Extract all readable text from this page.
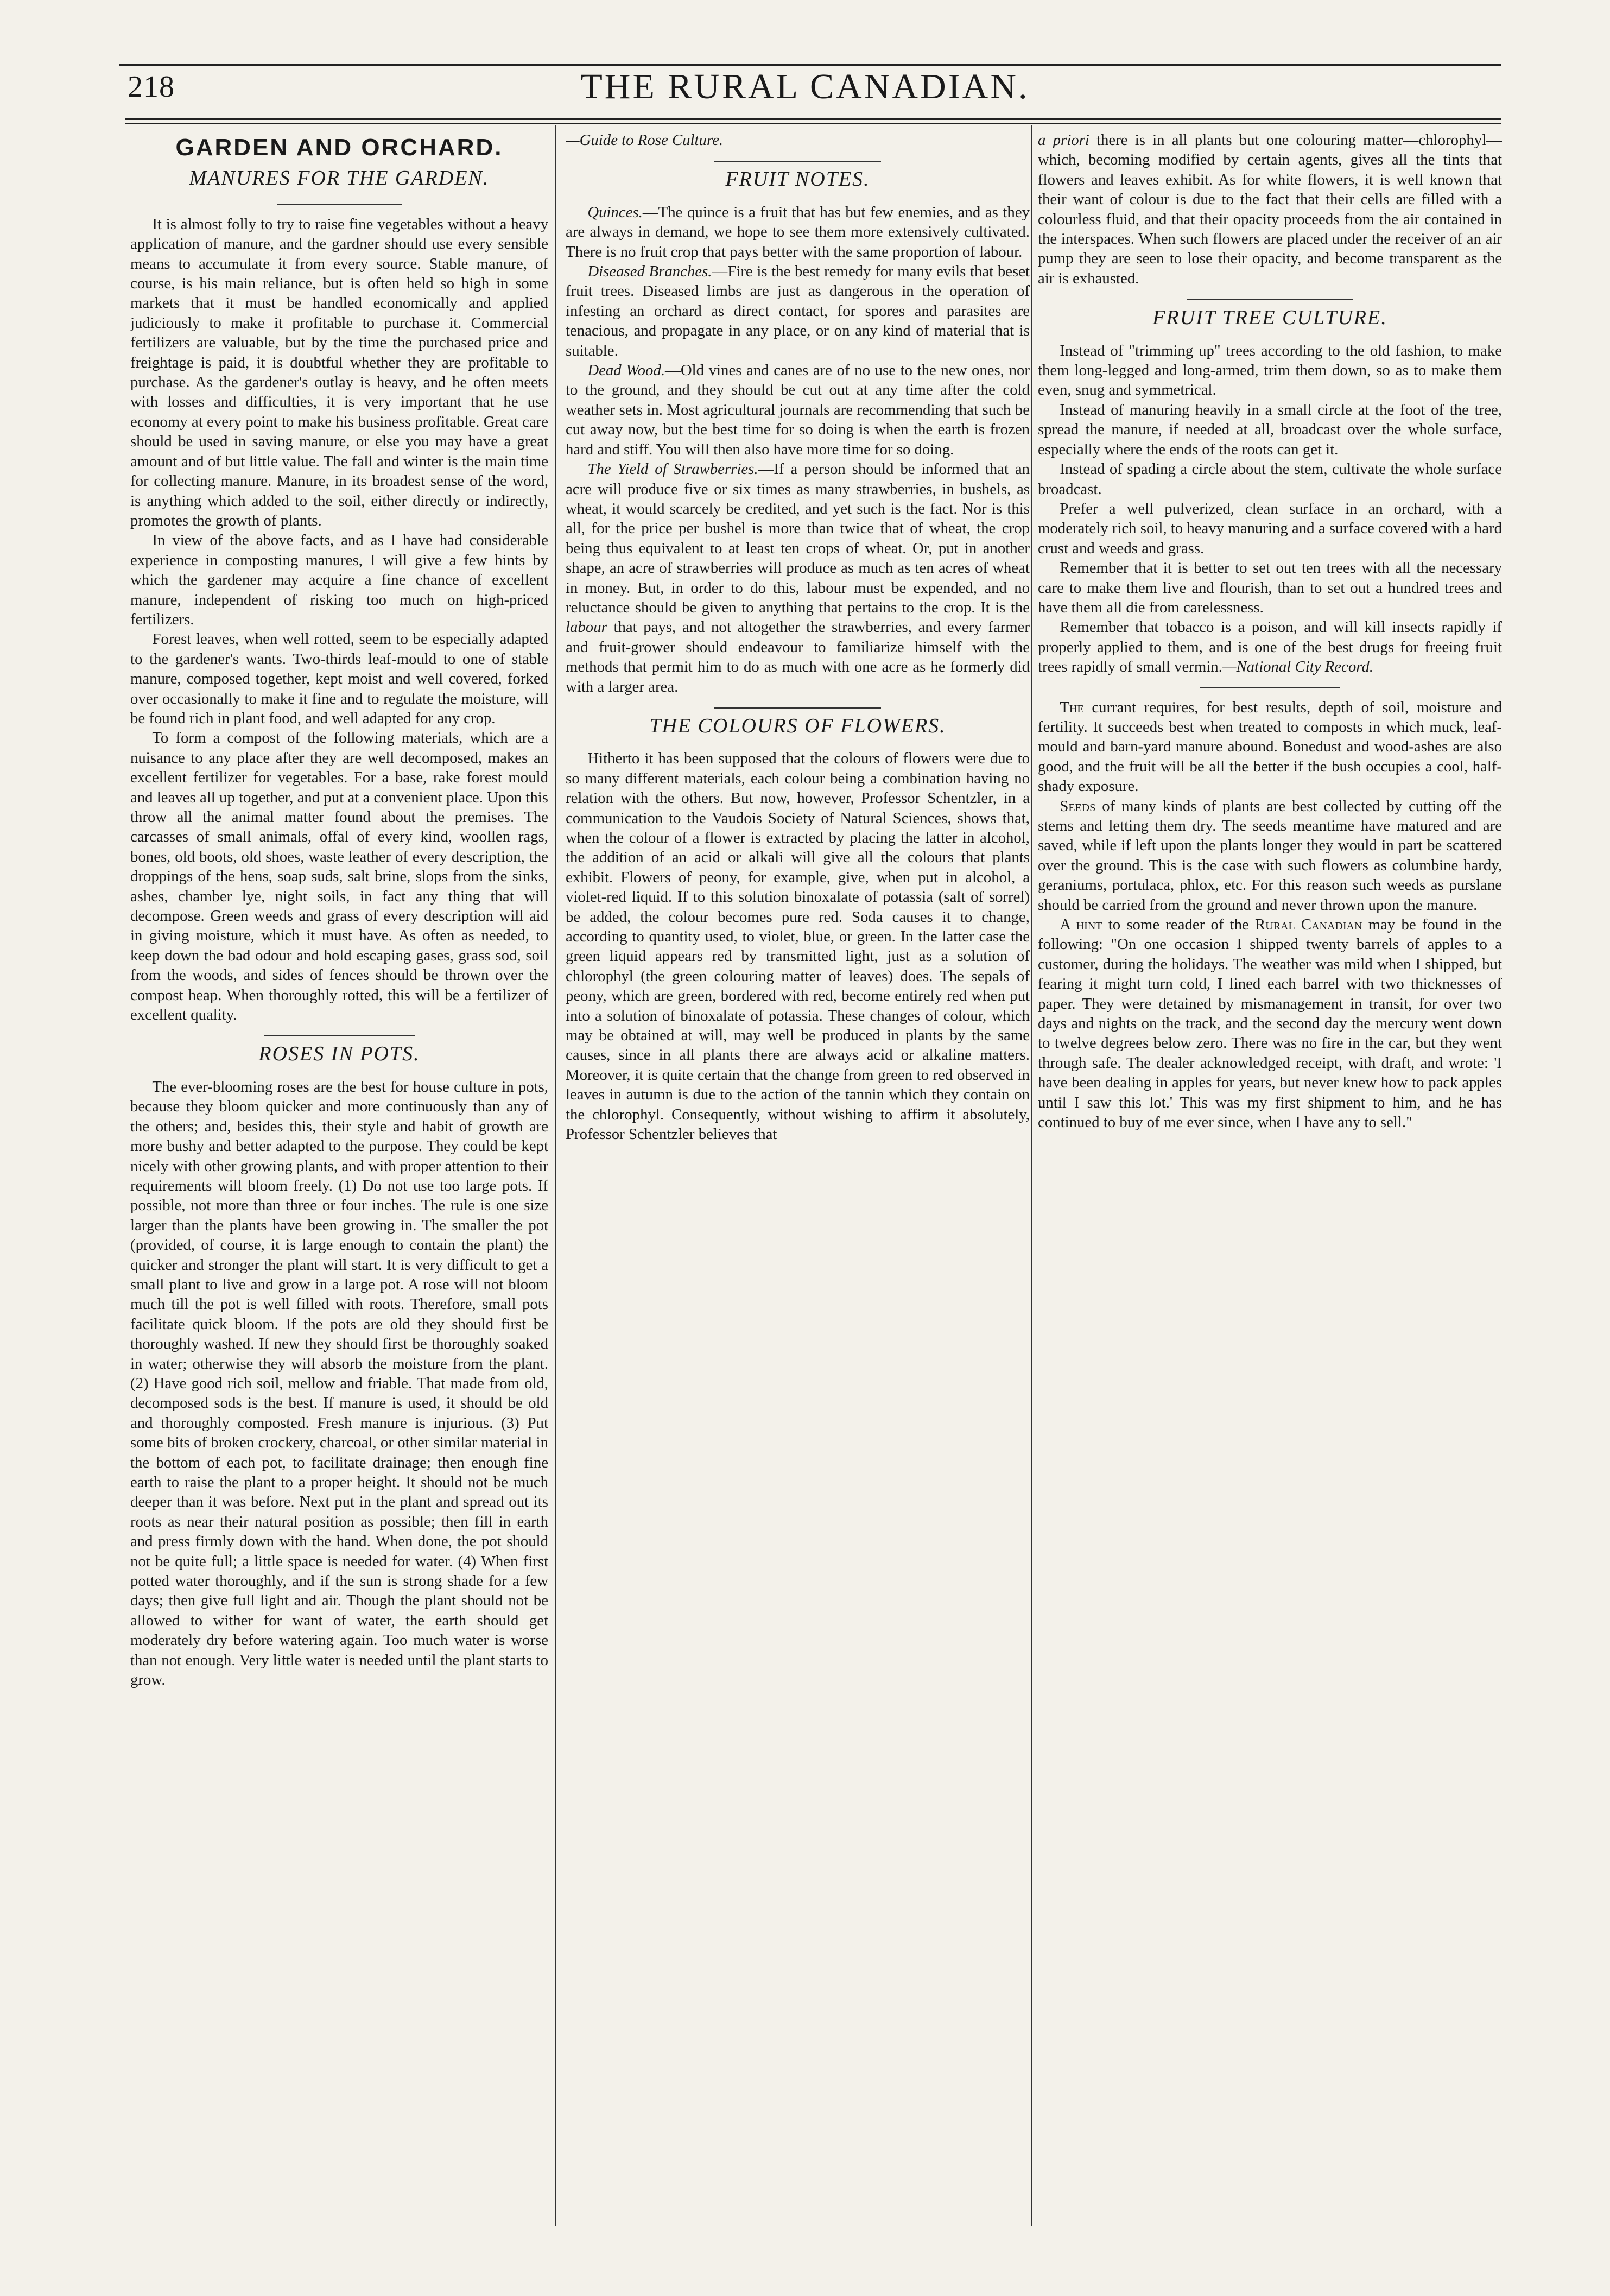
218	THE RURAL CANADIAN.
GARDEN AND ORCHARD.
MANURES FOR THE GARDEN.

It is almost folly to try to raise fine vegetables without a heavy application of manure, and the gardner should use every sensible means to accumulate it from every source. Stable manure, of course, is his main reliance, but is often held so high in some markets that it must be handled economically and applied judiciously to make it profitable to purchase it. Commercial fertilizers are valuable, but by the time the purchased price and freightage is paid, it is doubtful whether they are profitable to purchase. As the gardener's outlay is heavy, and he often meets with losses and difficulties, it is very important that he use economy at every point to make his business profitable. Great care should be used in saving manure, or else you may have a great amount and of but little value. The fall and winter is the main time for collecting manure. Manure, in its broadest sense of the word, is anything which added to the soil, either directly or indirectly, promotes the growth of plants.

In view of the above facts, and as I have had considerable experience in composting manures, I will give a few hints by which the gardener may acquire a fine chance of excellent manure, independent of risking too much on high-priced fertilizers.

Forest leaves, when well rotted, seem to be especially adapted to the gardener's wants. Two-thirds leaf-mould to one of stable manure, composed together, kept moist and well covered, forked over occasionally to make it fine and to regulate the moisture, will be found rich in plant food, and well adapted for any crop.

To form a compost of the following materials, which are a nuisance to any place after they are well decomposed, makes an excellent fertilizer for vegetables. For a base, rake forest mould and leaves all up together, and put at a convenient place. Upon this throw all the animal matter found about the premises. The carcasses of small animals, offal of every kind, woollen rags, bones, old boots, old shoes, waste leather of every description, the droppings of the hens, soap suds, salt brine, slops from the sinks, ashes, chamber lye, night soils, in fact any thing that will decompose. Green weeds and grass of every description will aid in giving moisture, which it must have. As often as needed, to keep down the bad odour and hold escaping gases, grass sod, soil from the woods, and sides of fences should be thrown over the compost heap. When thoroughly rotted, this will be a fertilizer of excellent quality.

ROSES IN POTS.

The ever-blooming roses are the best for house culture in pots, because they bloom quicker and more continuously than any of the others; and, besides this, their style and habit of growth are more bushy and better adapted to the purpose. They could be kept nicely with other growing plants, and with proper attention to their requirements will bloom freely. (1) Do not use too large pots. If possible, not more than three or four inches. The rule is one size larger than the plants have been growing in. The smaller the pot (provided, of course, it is large enough to contain the plant) the quicker and stronger the plant will start. It is very difficult to get a small plant to live and grow in a large pot. A rose will not bloom much till the pot is well filled with roots. Therefore, small pots facilitate quick bloom. If the pots are old they should first be thoroughly washed. If new they should first be thoroughly soaked in water; otherwise they will absorb the moisture from the plant. (2) Have good rich soil, mellow and friable. That made from old, decomposed sods is the best. If manure is used, it should be old and thoroughly composted. Fresh manure is injurious. (3) Put some bits of broken crockery, charcoal, or other similar material in the bottom of each pot, to facilitate drainage; then enough fine earth to raise the plant to a proper height. It should not be much deeper than it was before. Next put in the plant and spread out its roots as near their natural position as possible; then fill in earth and press firmly down with the hand. When done, the pot should not be quite full; a little space is needed for water. (4) When first potted water thoroughly, and if the sun is strong shade for a few days; then give full light and air. Though the plant should not be allowed to wither for want of water, the earth should get moderately dry before watering again. Too much water is worse than not enough. Very little water is needed until the plant starts to grow.

—Guide to Rose Culture.

FRUIT NOTES.

Quinces.—The quince is a fruit that has but few enemies, and as they are always in demand, we hope to see them more extensively cultivated. There is no fruit crop that pays better with the same proportion of labour.

Diseased Branches.—Fire is the best remedy for many evils that beset fruit trees. Diseased limbs are just as dangerous in the operation of infesting an orchard as direct contact, for spores and parasites are tenacious, and propagate in any place, or on any kind of material that is suitable.

Dead Wood.—Old vines and canes are of no use to the new ones, nor to the ground, and they should be cut out at any time after the cold weather sets in. Most agricultural journals are recommending that such be cut away now, but the best time for so doing is when the earth is frozen hard and stiff. You will then also have more time for so doing.

The Yield of Strawberries.—If a person should be informed that an acre will produce five or six times as many strawberries, in bushels, as wheat, it would scarcely be credited, and yet such is the fact. Nor is this all, for the price per bushel is more than twice that of wheat, the crop being thus equivalent to at least ten crops of wheat. Or, put in another shape, an acre of strawberries will produce as much as ten acres of wheat in money. But, in order to do this, labour must be expended, and no reluctance should be given to anything that pertains to the crop. It is the labour that pays, and not altogether the strawberries, and every farmer and fruit-grower should endeavour to familiarize himself with the methods that permit him to do as much with one acre as he formerly did with a larger area.

THE COLOURS OF FLOWERS.

Hitherto it has been supposed that the colours of flowers were due to so many different materials, each colour being a combination having no relation with the others. But now, however, Professor Schentzler, in a communication to the Vaudois Society of Natural Sciences, shows that, when the colour of a flower is extracted by placing the latter in alcohol, the addition of an acid or alkali will give all the colours that plants exhibit. Flowers of peony, for example, give, when put in alcohol, a violet-red liquid. If to this solution binoxalate of potassia (salt of sorrel) be added, the colour becomes pure red. Soda causes it to change, according to quantity used, to violet, blue, or green. In the latter case the green liquid appears red by transmitted light, just as a solution of chlorophyl (the green colouring matter of leaves) does. The sepals of peony, which are green, bordered with red, become entirely red when put into a solution of binoxalate of potassia. These changes of colour, which may be obtained at will, may well be produced in plants by the same causes, since in all plants there are always acid or alkaline matters. Moreover, it is quite certain that the change from green to red observed in leaves in autumn is due to the action of the tannin which they contain on the chlorophyl. Consequently, without wishing to affirm it absolutely, Professor Schentzler believes that

a priori there is in all plants but one colouring matter—chlorophyl—which, becoming modified by certain agents, gives all the tints that flowers and leaves exhibit. As for white flowers, it is well known that their want of colour is due to the fact that their cells are filled with a colourless fluid, and that their opacity proceeds from the air contained in the interspaces. When such flowers are placed under the receiver of an air pump they are seen to lose their opacity, and become transparent as the air is exhausted.

FRUIT TREE CULTURE.

Instead of "trimming up" trees according to the old fashion, to make them long-legged and long-armed, trim them down, so as to make them even, snug and symmetrical.

Instead of manuring heavily in a small circle at the foot of the tree, spread the manure, if needed at all, broadcast over the whole surface, especially where the ends of the roots can get it.

Instead of spading a circle about the stem, cultivate the whole surface broadcast.

Prefer a well pulverized, clean surface in an orchard, with a moderately rich soil, to heavy manuring and a surface covered with a hard crust and weeds and grass.

Remember that it is better to set out ten trees with all the necessary care to make them live and flourish, than to set out a hundred trees and have them all die from carelessness.

Remember that tobacco is a poison, and will kill insects rapidly if properly applied to them, and is one of the best drugs for freeing fruit trees rapidly of small vermin.—National City Record.

The currant requires, for best results, depth of soil, moisture and fertility. It succeeds best when treated to composts in which muck, leaf-mould and barn-yard manure abound. Bonedust and wood-ashes are also good, and the fruit will be all the better if the bush occupies a cool, half-shady exposure.

Seeds of many kinds of plants are best collected by cutting off the stems and letting them dry. The seeds meantime have matured and are saved, while if left upon the plants longer they would in part be scattered over the ground. This is the case with such flowers as columbine hardy, geraniums, portulaca, phlox, etc. For this reason such weeds as purslane should be carried from the ground and never thrown upon the manure.

A hint to some reader of the Rural Canadian may be found in the following: "On one occasion I shipped twenty barrels of apples to a customer, during the holidays. The weather was mild when I shipped, but fearing it might turn cold, I lined each barrel with two thicknesses of paper. They were detained by mismanagement in transit, for over two days and nights on the track, and the second day the mercury went down to twelve degrees below zero. There was no fire in the car, but they went through safe. The dealer acknowledged receipt, with draft, and wrote: 'I have been dealing in apples for years, but never knew how to pack apples until I saw this lot.' This was my first shipment to him, and he has continued to buy of me ever since, when I have any to sell."
